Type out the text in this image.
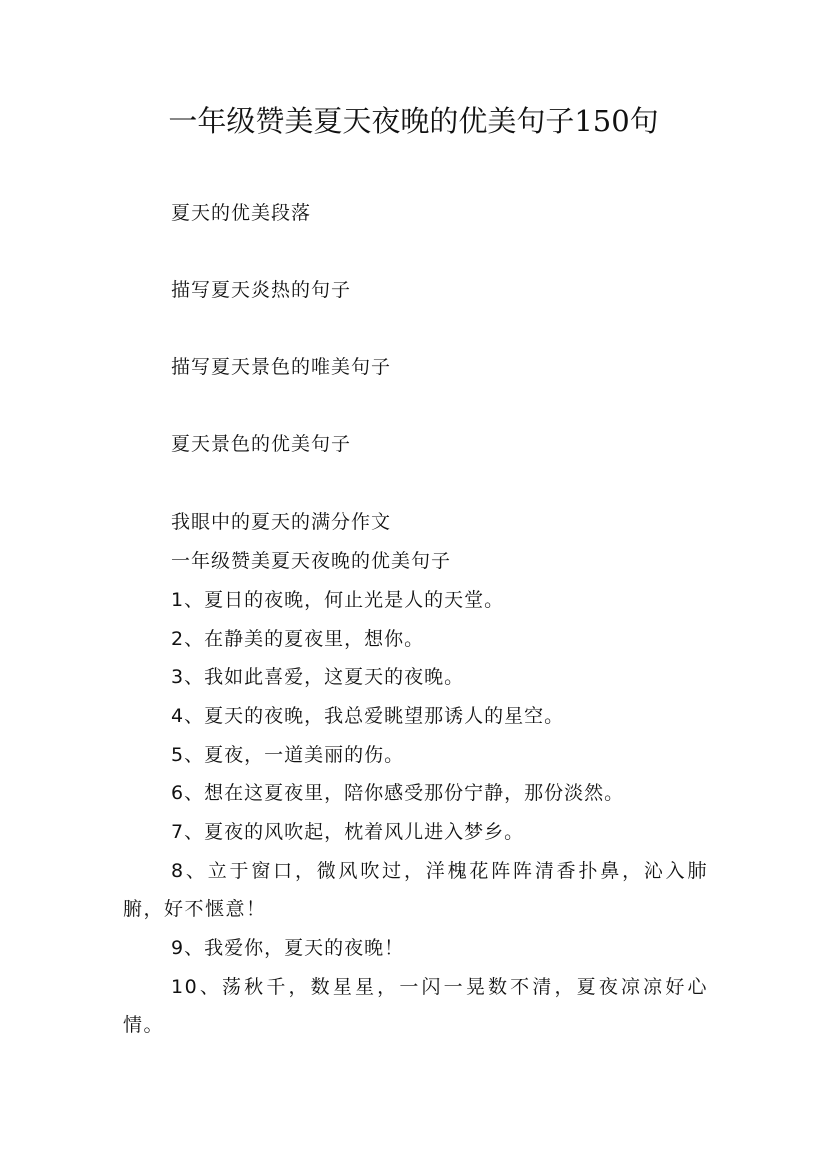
一年级赞美夏天夜晚的优美句子150句
夏天的优美段落
描写夏天炎热的句子
描写夏天景色的唯美句子
夏天景色的优美句子
我眼中的夏天的满分作文
一年级赞美夏天夜晚的优美句子
1、夏日的夜晚，何止光是人的天堂。
2、在静美的夏夜里，想你。
3、我如此喜爱，这夏天的夜晚。
4、夏天的夜晚，我总爱眺望那诱人的星空。
5、夏夜，一道美丽的伤。
6、想在这夏夜里，陪你感受那份宁静，那份淡然。
7、夏夜的风吹起，枕着风儿进入梦乡。

8、立于窗口，微风吹过，洋槐花阵阵清香扑鼻，沁入肺腑，好不惬意！

9、我爱你，夏天的夜晚！

10、荡秋千，数星星，一闪一晃数不清，夏夜凉凉好心情。
